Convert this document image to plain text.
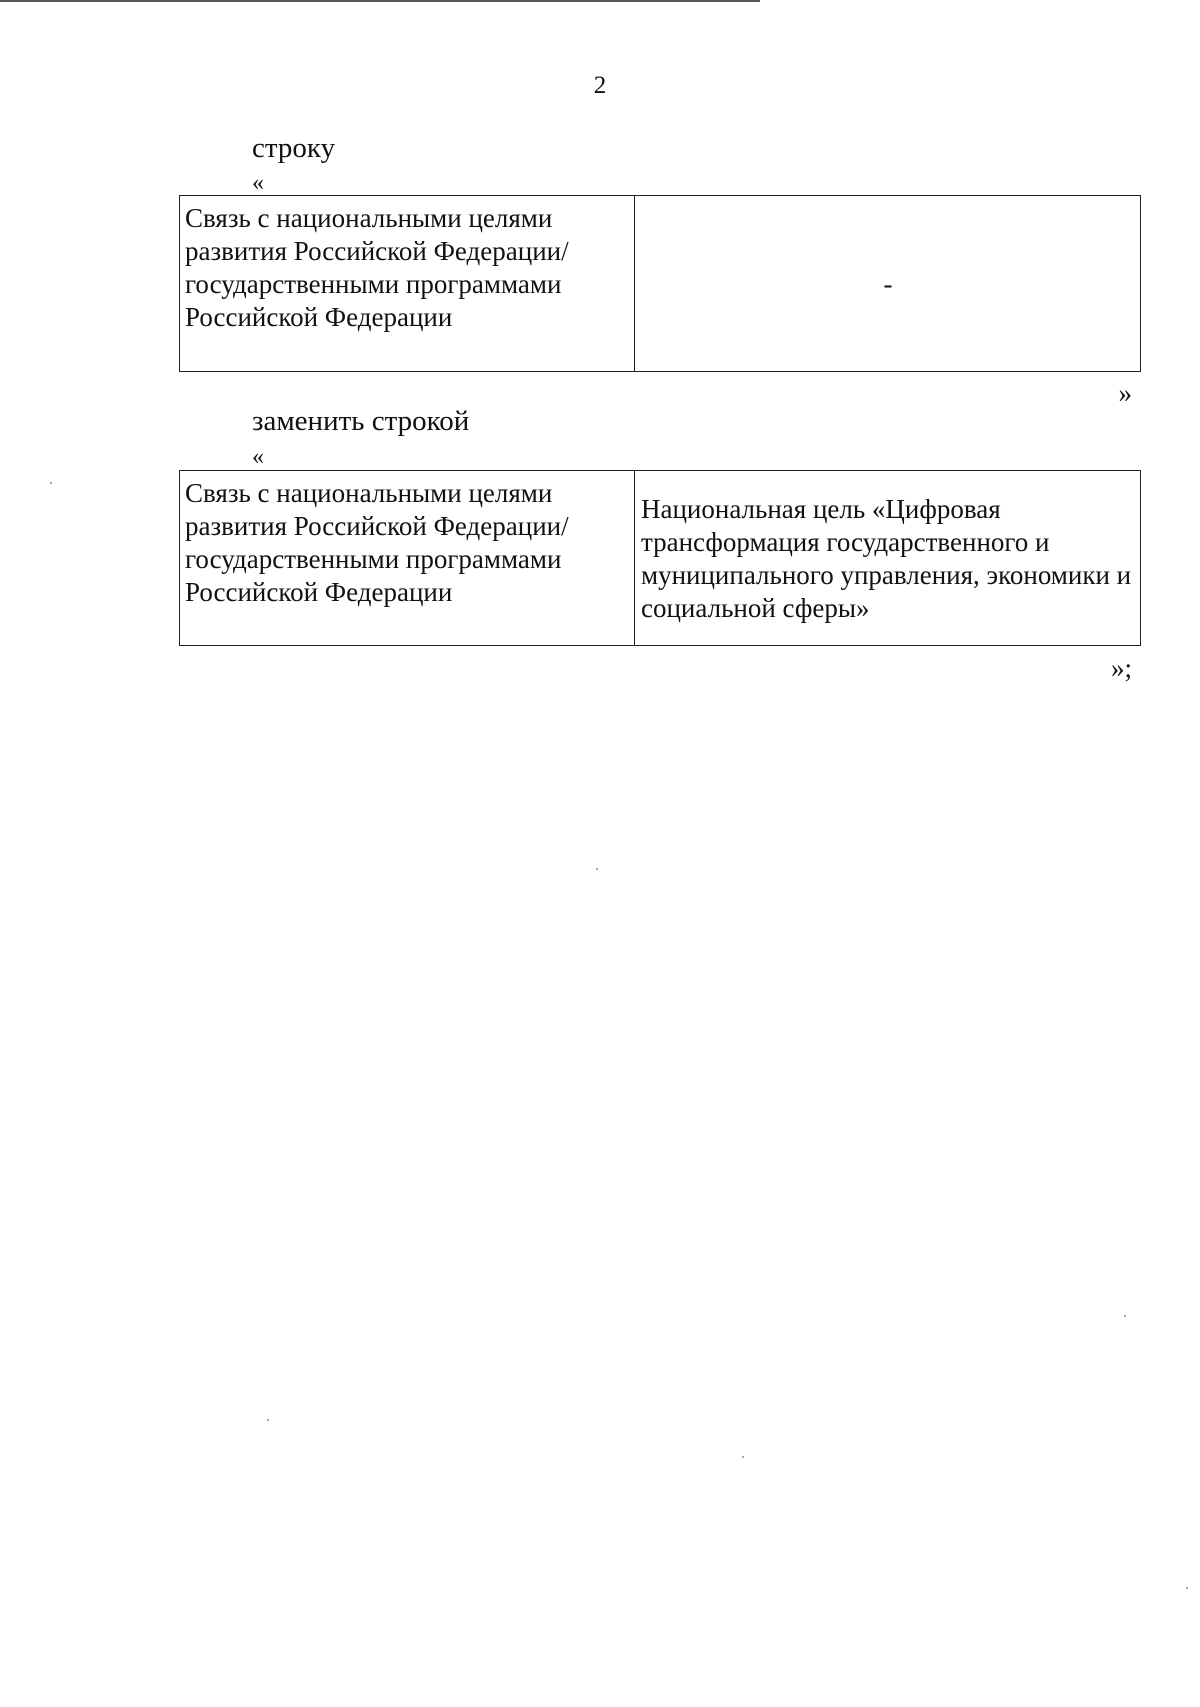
2
строку
«
Связь с национальными целями развития Российской Федерации/государственными программами Российской Федерации	-
»
заменить строкой
«
Связь с национальными целями развития Российской Федерации/государственными программами Российской Федерации	Национальная цель «Цифровая трансформация государственного и муниципального управления, экономики и социальной сферы»
»;
